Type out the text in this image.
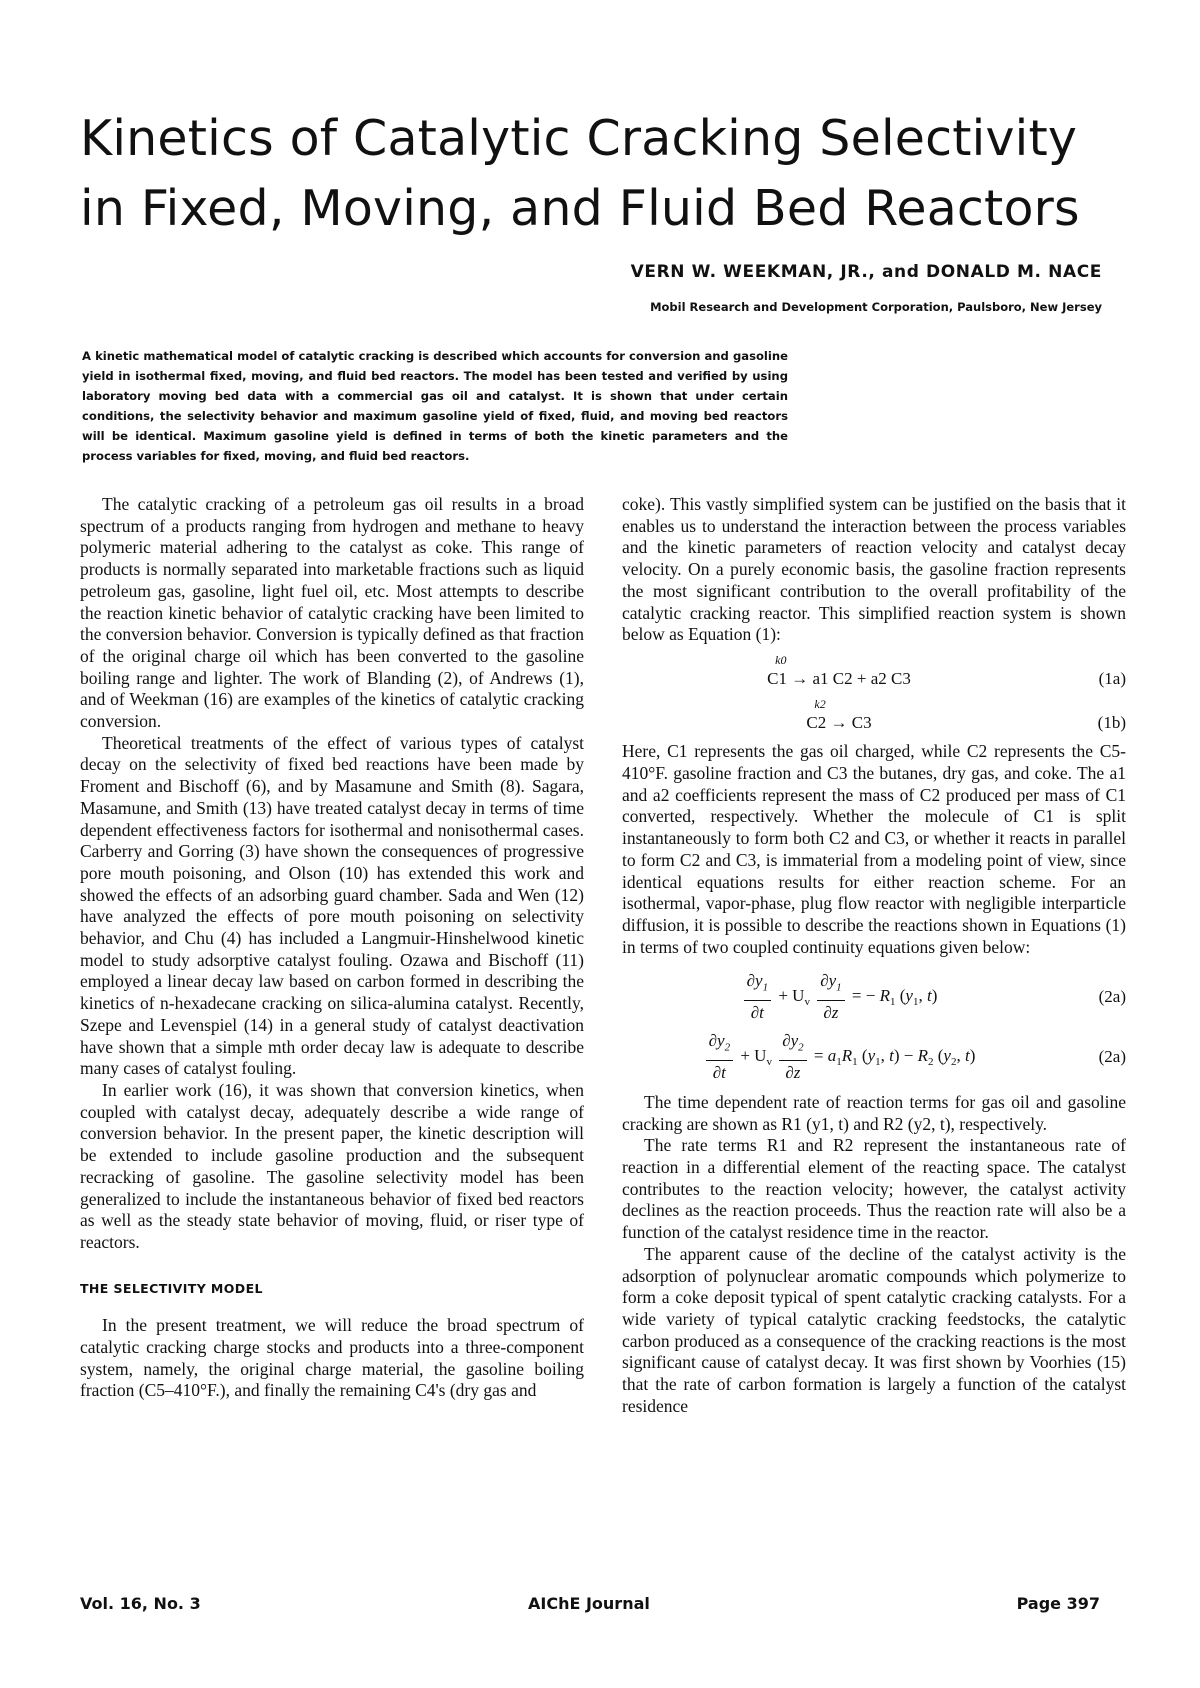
Kinetics of Catalytic Cracking Selectivity
in Fixed, Moving, and Fluid Bed Reactors
VERN W. WEEKMAN, JR., and DONALD M. NACE
Mobil Research and Development Corporation, Paulsboro, New Jersey

A kinetic mathematical model of catalytic cracking is described which accounts for conversion and gasoline yield in isothermal fixed, moving, and fluid bed reactors. The model has been tested and verified by using laboratory moving bed data with a commercial gas oil and catalyst. It is shown that under certain conditions, the selectivity behavior and maximum gasoline yield of fixed, fluid, and moving bed reactors will be identical. Maximum gasoline yield is defined in terms of both the kinetic parameters and the process variables for fixed, moving, and fluid bed reactors.

The catalytic cracking of a petroleum gas oil results in a broad spectrum of a products ranging from hydrogen and methane to heavy polymeric material adhering to the catalyst as coke. This range of products is normally separated into marketable fractions such as liquid petroleum gas, gasoline, light fuel oil, etc. Most attempts to describe the reaction kinetic behavior of catalytic cracking have been limited to the conversion behavior. Conversion is typically defined as that fraction of the original charge oil which has been converted to the gasoline boiling range and lighter. The work of Blanding (2), of Andrews (1), and of Weekman (16) are examples of the kinetics of catalytic cracking conversion.

Theoretical treatments of the effect of various types of catalyst decay on the selectivity of fixed bed reactions have been made by Froment and Bischoff (6), and by Masamune and Smith (8). Sagara, Masamune, and Smith (13) have treated catalyst decay in terms of time dependent effectiveness factors for isothermal and nonisothermal cases. Carberry and Gorring (3) have shown the consequences of progressive pore mouth poisoning, and Olson (10) has extended this work and showed the effects of an adsorbing guard chamber. Sada and Wen (12) have analyzed the effects of pore mouth poisoning on selectivity behavior, and Chu (4) has included a Langmuir-Hinshelwood kinetic model to study adsorptive catalyst fouling. Ozawa and Bischoff (11) employed a linear decay law based on carbon formed in describing the kinetics of n-hexadecane cracking on silica-alumina catalyst. Recently, Szepe and Levenspiel (14) in a general study of catalyst deactivation have shown that a simple mth order decay law is adequate to describe many cases of catalyst fouling.

In earlier work (16), it was shown that conversion kinetics, when coupled with catalyst decay, adequately describe a wide range of conversion behavior. In the present paper, the kinetic description will be extended to include gasoline production and the subsequent recracking of gasoline. The gasoline selectivity model has been generalized to include the instantaneous behavior of fixed bed reactors as well as the steady state behavior of moving, fluid, or riser type of reactors.

THE SELECTIVITY MODEL

In the present treatment, we will reduce the broad spectrum of catalytic cracking charge stocks and products into a three-component system, namely, the original charge material, the gasoline boiling fraction (C5–410°F.), and finally the remaining C4's (dry gas and

coke). This vastly simplified system can be justified on the basis that it enables us to understand the interaction between the process variables and the kinetic parameters of reaction velocity and catalyst decay velocity. On a purely economic basis, the gasoline fraction represents the most significant contribution to the overall profitability of the catalytic cracking reactor. This simplified reaction system is shown below as Equation (1):

k0
C1 → a1 C2 + a2 C3	(1a)
k2
C2 → C3	(1b)

Here, C1 represents the gas oil charged, while C2 represents the C5-410°F. gasoline fraction and C3 the butanes, dry gas, and coke. The a1 and a2 coefficients represent the mass of C2 produced per mass of C1 converted, respectively. Whether the molecule of C1 is split instantaneously to form both C2 and C3, or whether it reacts in parallel to form C2 and C3, is immaterial from a modeling point of view, since identical equations results for either reaction scheme. For an isothermal, vapor-phase, plug flow reactor with negligible interparticle diffusion, it is possible to describe the reactions shown in Equations (1) in terms of two coupled continuity equations given below:

$\frac{\partial y_1}{\partial t} + U_v \frac{\partial y_1}{\partial z}$ = − $R_1$ ($y_1$, t)	(2a)
$\frac{\partial y_2}{\partial t} + U_v \frac{\partial y_2}{\partial z} = a_1R_1$ ($y_1$, $t) - R_2$ ($y_2$, t)	(2a)

The time dependent rate of reaction terms for gas oil and gasoline cracking are shown as R1 (y1, t) and R2 (y2, t), respectively.

The rate terms R1 and R2 represent the instantaneous rate of reaction in a differential element of the reacting space. The catalyst contributes to the reaction velocity; however, the catalyst activity declines as the reaction proceeds. Thus the reaction rate will also be a function of the catalyst residence time in the reactor.

The apparent cause of the decline of the catalyst activity is the adsorption of polynuclear aromatic compounds which polymerize to form a coke deposit typical of spent catalytic cracking catalysts. For a wide variety of typical catalytic cracking feedstocks, the catalytic carbon produced as a consequence of the cracking reactions is the most significant cause of catalyst decay. It was first shown by Voorhies (15) that the rate of carbon formation is largely a function of the catalyst residence

Vol. 16, No. 3	AIChE Journal	Page 397
